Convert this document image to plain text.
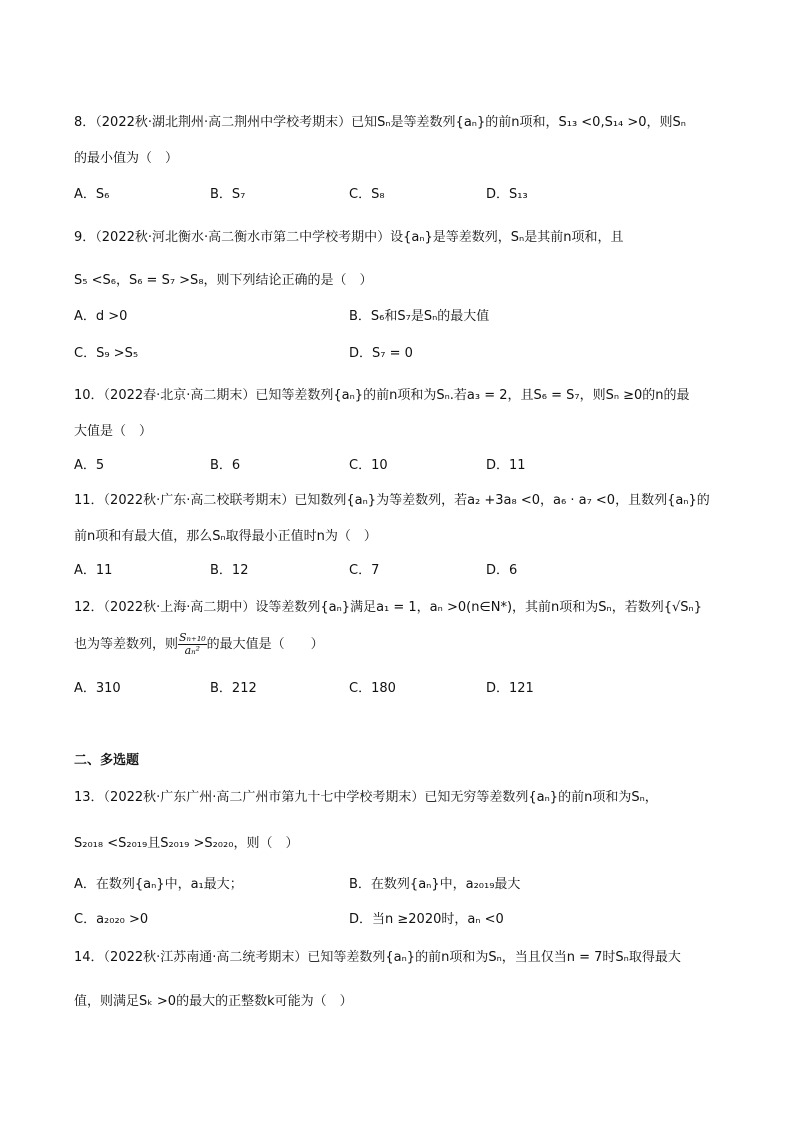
8．（2022秋·湖北荆州·高二荆州中学校考期末）已知Sₙ是等差数列{aₙ}的前n项和，S₁₃ <0,S₁₄ >0，则Sₙ
的最小值为（　）
A．S₆	B．S₇	C．S₈	D．S₁₃
9．（2022秋·河北衡水·高二衡水市第二中学校考期中）设{aₙ}是等差数列，Sₙ是其前n项和，且
S₅ <S₆，S₆ = S₇ >S₈，则下列结论正确的是（　）
A．d >0	B．S₆和S₇是Sₙ的最大值
C．S₉ >S₅	D．S₇ = 0
10．（2022春·北京·高二期末）已知等差数列{aₙ}的前n项和为Sₙ.若a₃ = 2，且S₆ = S₇，则Sₙ ≥0的n的最
大值是（　）
A．5	B．6	C．10	D．11
11．（2022秋·广东·高二校联考期末）已知数列{aₙ}为等差数列，若a₂ +3a₈ <0，a₆ · a₇ <0，且数列{aₙ}的
前n项和有最大值，那么Sₙ取得最小正值时n为（　）
A．11	B．12	C．7	D．6
12．（2022秋·上海·高二期中）设等差数列{aₙ}满足a₁ = 1，aₙ >0(n∈N*)，其前n项和为Sₙ，若数列{√Sₙ}
也为等差数列，则 $\frac{\text{Sₙ₊₁₀}}{\text{aₙ²}}$ 的最大值是（　　）
A．310	B．212	C．180	D．121
二、多选题
13．（2022秋·广东广州·高二广州市第九十七中学校考期末）已知无穷等差数列{aₙ}的前n项和为Sₙ，
S₂₀₁₈ <S₂₀₁₉且S₂₀₁₉ >S₂₀₂₀，则（　）
A．在数列{aₙ}中，a₁最大；	B．在数列{aₙ}中，a₂₀₁₉最大
C．a₂₀₂₀ >0	D．当n ≥2020时，aₙ <0
14．（2022秋·江苏南通·高二统考期末）已知等差数列{aₙ}的前n项和为Sₙ，当且仅当n = 7时Sₙ取得最大
值，则满足Sₖ >0的最大的正整数k可能为（　）
